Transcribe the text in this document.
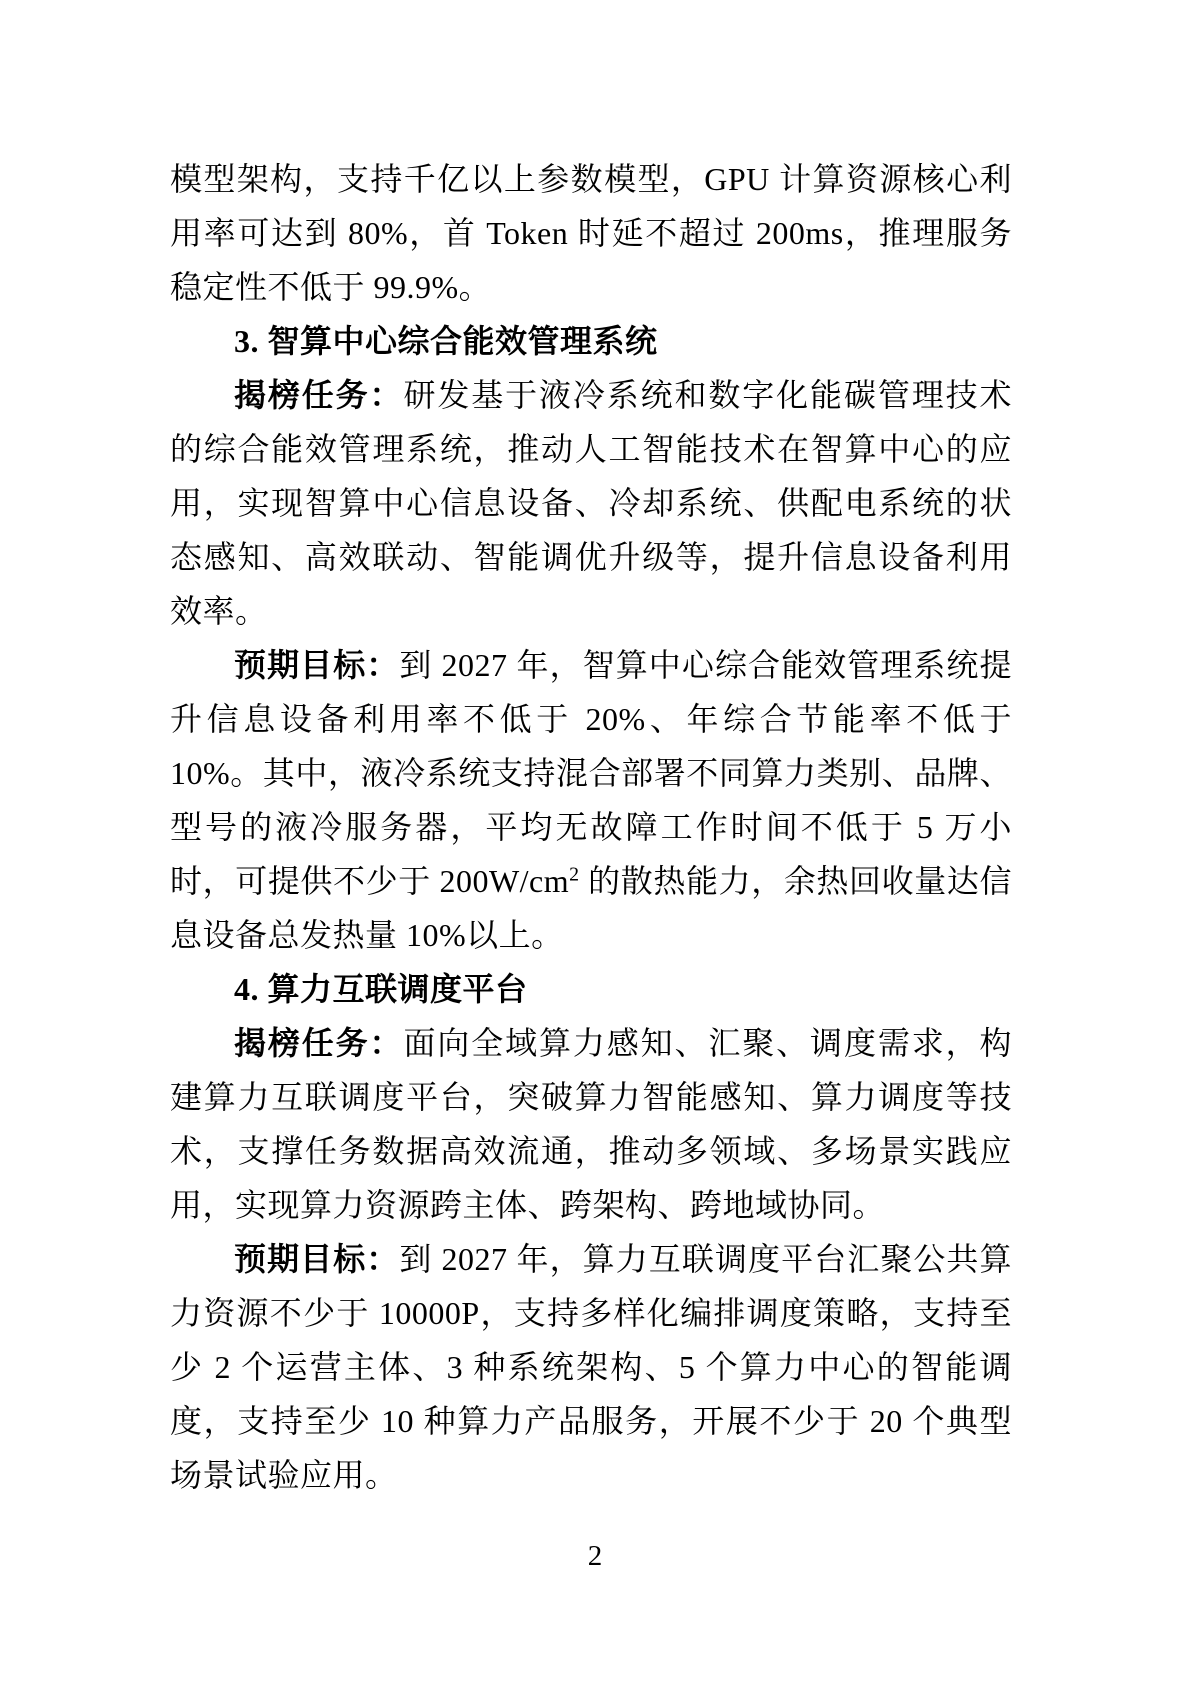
模型架构，支持千亿以上参数模型，GPU 计算资源核心利用率可达到 80%，首 Token 时延不超过 200ms，推理服务稳定性不低于 99.9%。

3. 智算中心综合能效管理系统

揭榜任务：研发基于液冷系统和数字化能碳管理技术的综合能效管理系统，推动人工智能技术在智算中心的应用，实现智算中心信息设备、冷却系统、供配电系统的状态感知、高效联动、智能调优升级等，提升信息设备利用效率。

预期目标：到 2027 年，智算中心综合能效管理系统提升信息设备利用率不低于 20%、年综合节能率不低于 10%。其中，液冷系统支持混合部署不同算力类别、品牌、型号的液冷服务器，平均无故障工作时间不低于 5 万小时，可提供不少于 $200W/cm^2$ 的散热能力，余热回收量达信息设备总发热量 10%以上。

4. 算力互联调度平台

揭榜任务：面向全域算力感知、汇聚、调度需求，构建算力互联调度平台，突破算力智能感知、算力调度等技术，支撑任务数据高效流通，推动多领域、多场景实践应用，实现算力资源跨主体、跨架构、跨地域协同。

预期目标：到 2027 年，算力互联调度平台汇聚公共算力资源不少于 10000P，支持多样化编排调度策略，支持至少 2 个运营主体、3 种系统架构、5 个算力中心的智能调度，支持至少 10 种算力产品服务，开展不少于 20 个典型场景试验应用。

2
